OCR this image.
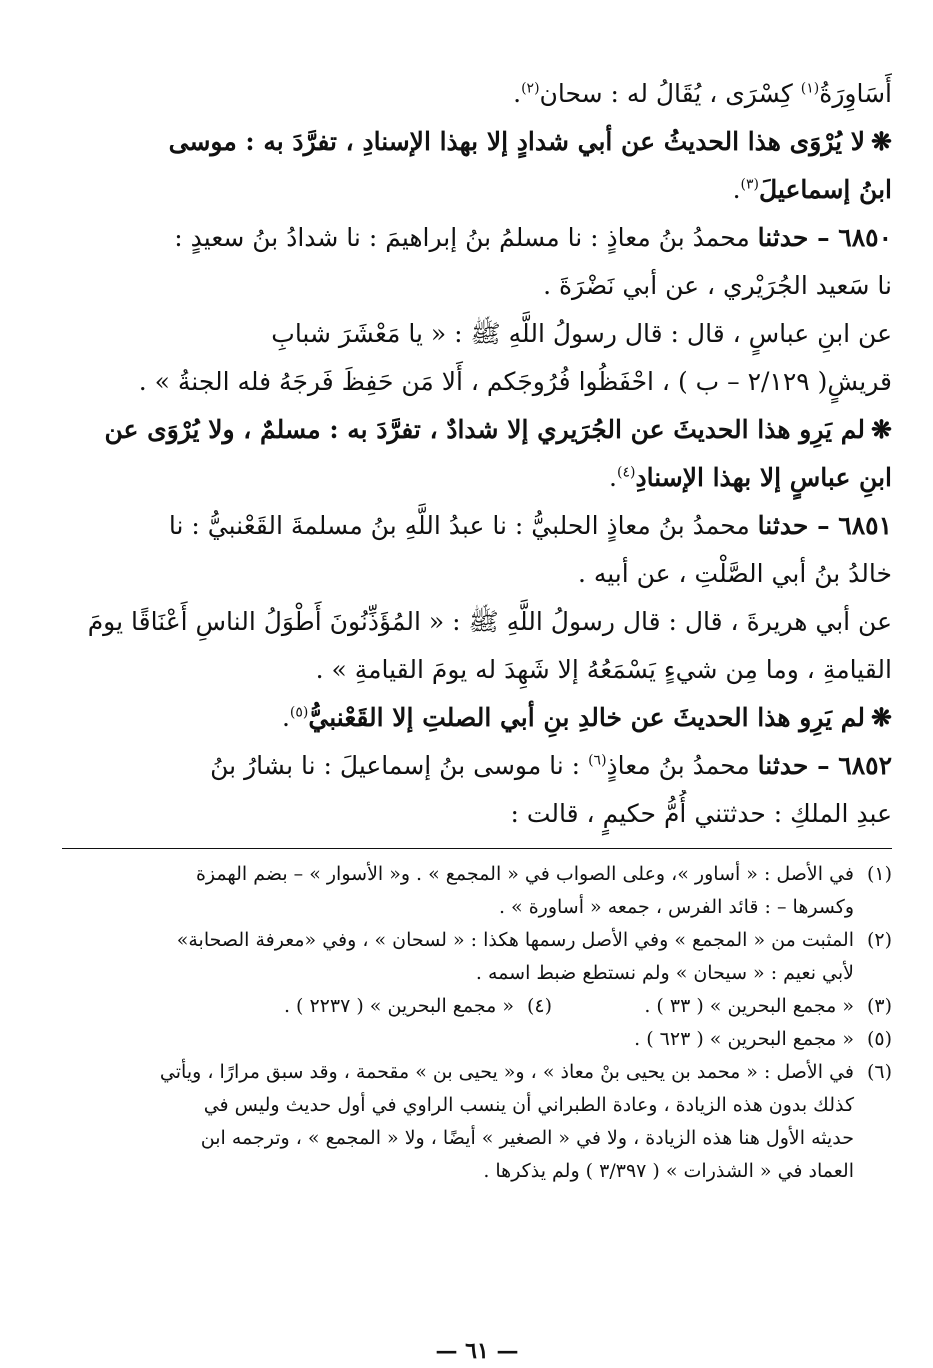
أَسَاوِرَةُ$^{(١)}$ كِسْرَى ، يُقَالُ له : سحان$^{(٢)}$.
❋لا يُرْوَى هذا الحديثُ عن أبي شدادٍ إلا بهذا الإسنادِ ، تفرَّدَ به : موسى
ابنُ إسماعيلَ$^{(٣)}$.
٦٨٥٠ – حدثنا محمدُ بنُ معاذٍ : نا مسلمُ بنُ إبراهيمَ : نا شدادُ بنُ سعيدٍ :
نا سَعيد الجُرَيْري ، عن أبي نَضْرَةَ .
عن ابنِ عباسٍ ، قال : قال رسولُ اللَّهِ ﷺ : « يا مَعْشَرَ شبابِ
قريشٍ( ٢/١٢٩ – ب ) ، احْفَظُوا فُرُوجَكم ، أَلا مَن حَفِظَ فَرجَهُ فله الجنةُ » .
❋لم يَرِو هذا الحديثَ عن الجُرَيري إلا شدادٌ ، تفرَّدَ به : مسلمٌ ، ولا يُرْوَى عن
ابنِ عباسٍ إلا بهذا الإسنادِ$^{(٤)}$.
٦٨٥١ – حدثنا محمدُ بنُ معاذٍ الحلبيُّ : نا عبدُ اللَّهِ بنُ مسلمةَ القَعْنبيُّ : نا
خالدُ بنُ أبي الصَّلْتِ ، عن أبيه .
عن أبي هريرةَ ، قال : قال رسولُ اللَّهِ ﷺ : « المُؤَذِّنُونَ أَطْوَلُ الناسِ أَعْنَاقًا يومَ
القيامةِ ، وما مِن شيءٍ يَسْمَعُهُ إلا شَهِدَ له يومَ القيامةِ » .
❋لم يَرِو هذا الحديثَ عن خالدِ بنِ أبي الصلتِ إلا القَعْنبيُّ$^{(٥)}$.
٦٨٥٢ – حدثنا محمدُ بنُ معاذٍ$^{(٦)}$ : نا موسى بنُ إسماعيلَ : نا بشارُ بنُ
عبدِ الملكِ : حدثتني أُمُّ حكيمٍ ، قالت :
(١)في الأصل : « أساور »، وعلى الصواب في « المجمع » . و« الأسوار » – بضم الهمزة
وكسرها – : قائد الفرس ، جمعه « أساورة » .
(٢)المثبت من « المجمع » وفي الأصل رسمها هكذا : « لسحان » ، وفي «معرفة الصحابة»
لأبي نعيم : « سيحان » ولم نستطع ضبط اسمه .
(٣)« مجمع البحرين » ( ٣٣ ) .
(٤)« مجمع البحرين » ( ٢٢٣٧ ) .
(٥)« مجمع البحرين » ( ٦٢٣ ) .
(٦)في الأصل : « محمد بن يحيى بنْ معاذ » ، و« يحيى بن » مقحمة ، وقد سبق مرارًا ، ويأتي
كذلك بدون هذه الزيادة ، وعادة الطبراني أن ينسب الراوي في أول حديث وليس في
حديثه الأول هنا هذه الزيادة ، ولا في « الصغير » أيضًا ، ولا « المجمع » ، وترجمه ابن
العماد في « الشذرات » ( ٣/٣٩٧ ) ولم يذكرها .
— ٦١ —
